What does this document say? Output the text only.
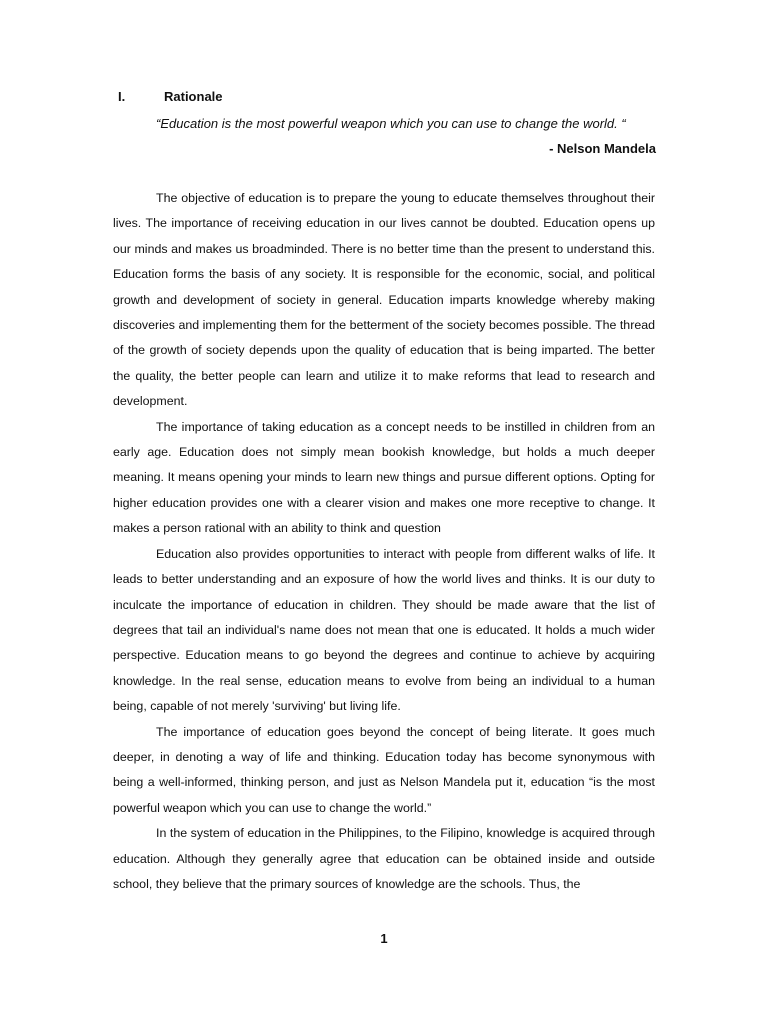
I.	Rationale
“Education is the most powerful weapon which you can use to change the world. “
- Nelson Mandela

The objective of education is to prepare the young to educate themselves throughout their lives. The importance of receiving education in our lives cannot be doubted. Education opens up our minds and makes us broadminded. There is no better time than the present to understand this. Education forms the basis of any society. It is responsible for the economic, social, and political growth and development of society in general. Education imparts knowledge whereby making discoveries and implementing them for the betterment of the society becomes possible. The thread of the growth of society depends upon the quality of education that is being imparted. The better the quality, the better people can learn and utilize it to make reforms that lead to research and development.

The importance of taking education as a concept needs to be instilled in children from an early age. Education does not simply mean bookish knowledge, but holds a much deeper meaning. It means opening your minds to learn new things and pursue different options. Opting for higher education provides one with a clearer vision and makes one more receptive to change. It makes a person rational with an ability to think and question

Education also provides opportunities to interact with people from different walks of life. It leads to better understanding and an exposure of how the world lives and thinks. It is our duty to inculcate the importance of education in children. They should be made aware that the list of degrees that tail an individual's name does not mean that one is educated. It holds a much wider perspective. Education means to go beyond the degrees and continue to achieve by acquiring knowledge. In the real sense, education means to evolve from being an individual to a human being, capable of not merely 'surviving' but living life.

The importance of education goes beyond the concept of being literate. It goes much deeper, in denoting a way of life and thinking. Education today has become synonymous with being a well-informed, thinking person, and just as Nelson Mandela put it, education “is the most powerful weapon which you can use to change the world.”

In the system of education in the Philippines, to the Filipino, knowledge is acquired through education. Although they generally agree that education can be obtained inside and outside school, they believe that the primary sources of knowledge are the schools. Thus, the

1
